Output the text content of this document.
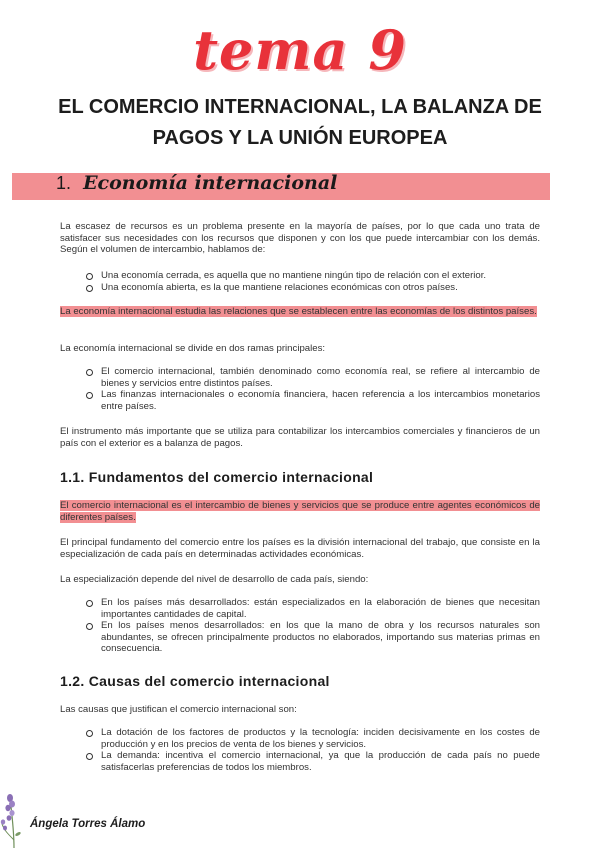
tema 9
EL COMERCIO INTERNACIONAL, LA BALANZA DE
PAGOS Y LA UNIÓN EUROPEA
1. Economía internacional
La escasez de recursos es un problema presente en la mayoría de países, por lo que cada uno trata de satisfacer sus necesidades con los recursos que disponen y con los que puede intercambiar con los demás. Según el volumen de intercambio, hablamos de:
Una economía cerrada, es aquella que no mantiene ningún tipo de relación con el exterior.
Una economía abierta, es la que mantiene relaciones económicas con otros países.
La economía internacional estudia las relaciones que se establecen entre las economías de los distintos países.
La economía internacional se divide en dos ramas principales:
El comercio internacional, también denominado como economía real, se refiere al intercambio de bienes y servicios entre distintos países.
Las finanzas internacionales o economía financiera, hacen referencia a los intercambios monetarios entre países.
El instrumento más importante que se utiliza para contabilizar los intercambios comerciales y financieros de un país con el exterior es a balanza de pagos.
1.1. Fundamentos del comercio internacional
El comercio internacional es el intercambio de bienes y servicios que se produce entre agentes económicos de diferentes países.
El principal fundamento del comercio entre los países es la división internacional del trabajo, que consiste en la especialización de cada país en determinadas actividades económicas.
La especialización depende del nivel de desarrollo de cada país, siendo:
En los países más desarrollados: están especializados en la elaboración de bienes que necesitan importantes cantidades de capital.
En los países menos desarrollados: en los que la mano de obra y los recursos naturales son abundantes, se ofrecen principalmente productos no elaborados, importando sus materias primas en consecuencia.
1.2. Causas del comercio internacional
Las causas que justifican el comercio internacional son:
La dotación de los factores de productos y la tecnología: inciden decisivamente en los costes de producción y en los precios de venta de los bienes y servicios.
La demanda: incentiva el comercio internacional, ya que la producción de cada país no puede satisfacerlas preferencias de todos los miembros.
Ángela Torres Álamo
